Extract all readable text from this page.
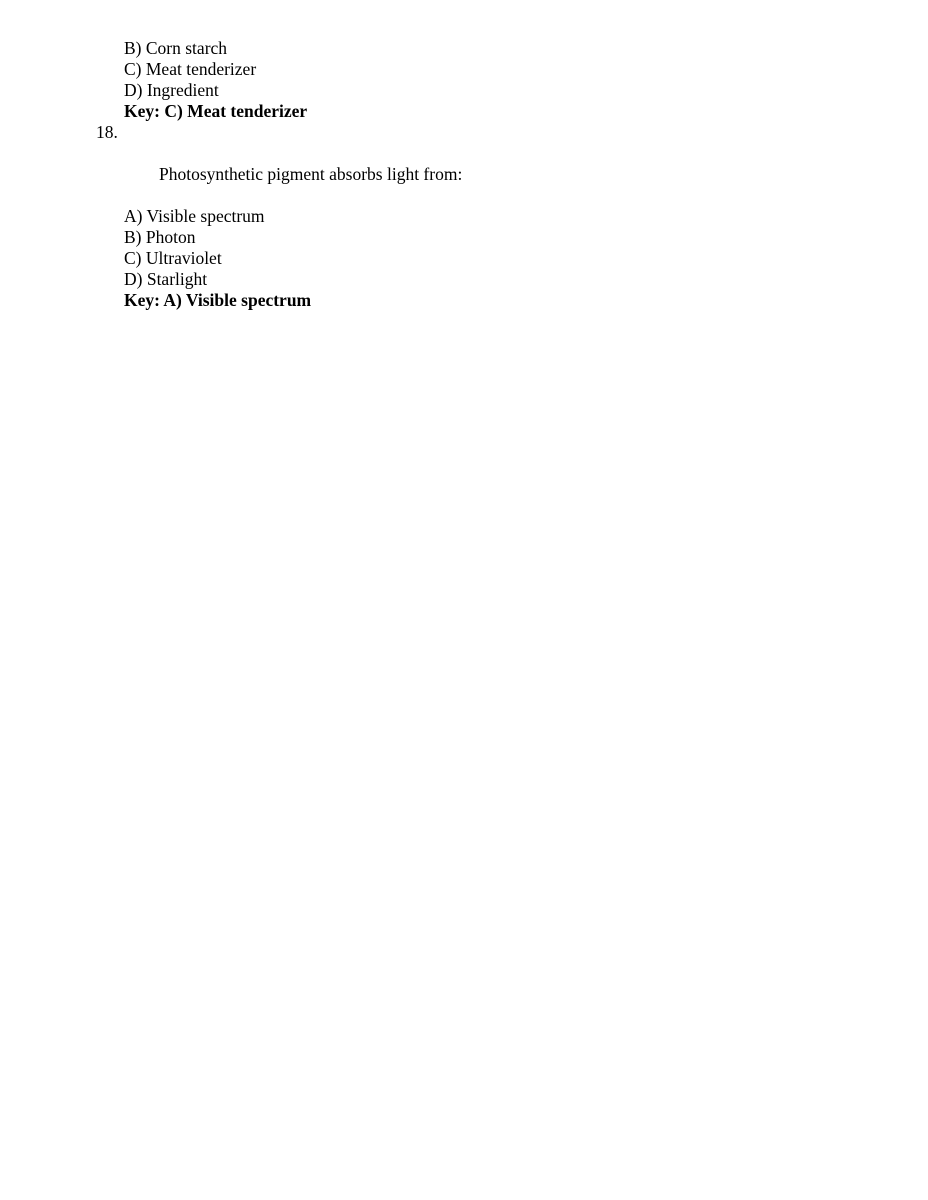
B) Corn starch
C) Meat tenderizer
D) Ingredient
Key: C) Meat tenderizer

18.

Photosynthetic pigment absorbs light from:

A) Visible spectrum
B) Photon
C) Ultraviolet
D) Starlight
Key: A) Visible spectrum
